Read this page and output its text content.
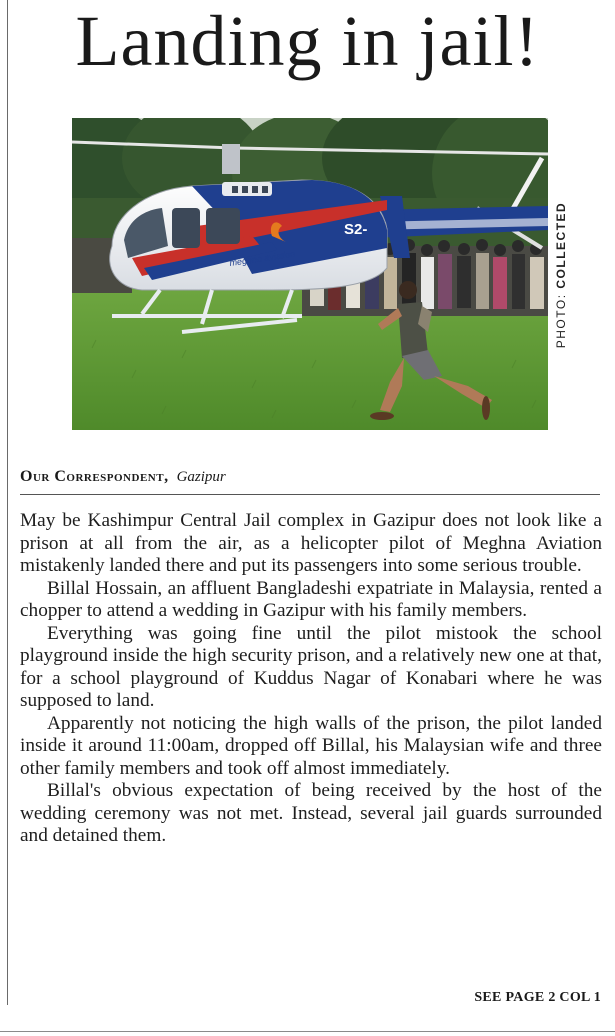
Landing in jail!
meghna aviation
S2-
PHOTO: COLLECTED
Our Correspondent, Gazipur

May be Kashimpur Central Jail complex in Gazipur does not look like a prison at all from the air, as a helicopter pilot of Meghna Aviation mistakenly landed there and put its passengers into some serious trouble.

Billal Hossain, an affluent Bangladeshi expatriate in Malaysia, rented a chopper to attend a wedding in Gazipur with his family members.

Everything was going fine until the pilot mistook the school playground inside the high security prison, and a relatively new one at that, for a school playground of Kuddus Nagar of Konabari where he was supposed to land.

Apparently not noticing the high walls of the prison, the pilot landed inside it around 11:00am, dropped off Billal, his Malaysian wife and three other family members and took off almost immediately.

Billal's obvious expectation of being received by the host of the wedding ceremony was not met. Instead, several jail guards surrounded and detained them.

SEE PAGE 2 COL 1
